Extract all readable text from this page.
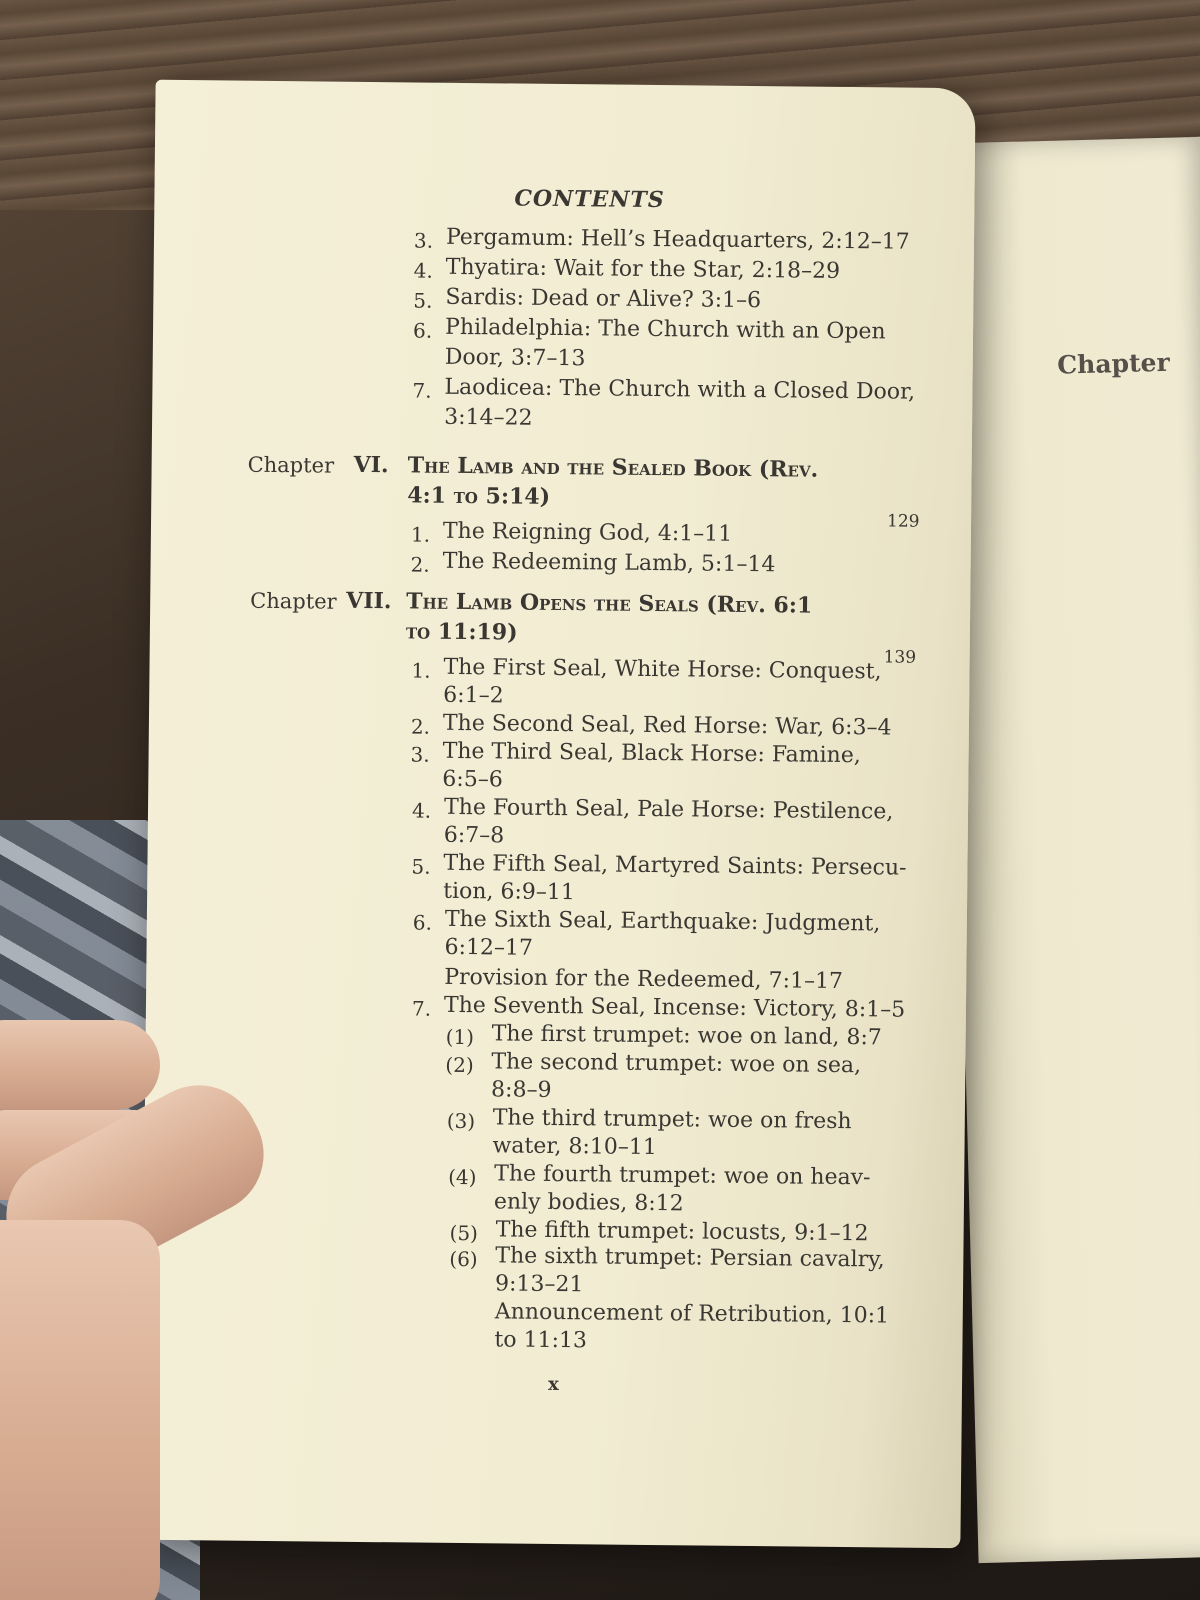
Chapter
CONTENTS
3. Pergamum: Hell’s Headquarters, 2:12–17
4. Thyatira: Wait for the Star, 2:18–29
5. Sardis: Dead or Alive? 3:1–6
6. Philadelphia: The Church with an Open
Door, 3:7–13
7. Laodicea: The Church with a Closed Door,
3:14–22
Chapter VI. The Lamb and the Sealed Book (Rev.
4:1 to 5:14)
129
1. The Reigning God, 4:1–11
2. The Redeeming Lamb, 5:1–14
Chapter VII. The Lamb Opens the Seals (Rev. 6:1
to 11:19)
139
1. The First Seal, White Horse: Conquest,
6:1–2
2. The Second Seal, Red Horse: War, 6:3–4
3. The Third Seal, Black Horse: Famine,
6:5–6
4. The Fourth Seal, Pale Horse: Pestilence,
6:7–8
5. The Fifth Seal, Martyred Saints: Persecu-
tion, 6:9–11
6. The Sixth Seal, Earthquake: Judgment,
6:12–17
Provision for the Redeemed, 7:1–17
7. The Seventh Seal, Incense: Victory, 8:1–5
(1) The first trumpet: woe on land, 8:7
(2) The second trumpet: woe on sea,
8:8–9
(3) The third trumpet: woe on fresh
water, 8:10–11
(4) The fourth trumpet: woe on heav-
enly bodies, 8:12
(5) The fifth trumpet: locusts, 9:1–12
(6) The sixth trumpet: Persian cavalry,
9:13–21
Announcement of Retribution, 10:1
to 11:13
x
